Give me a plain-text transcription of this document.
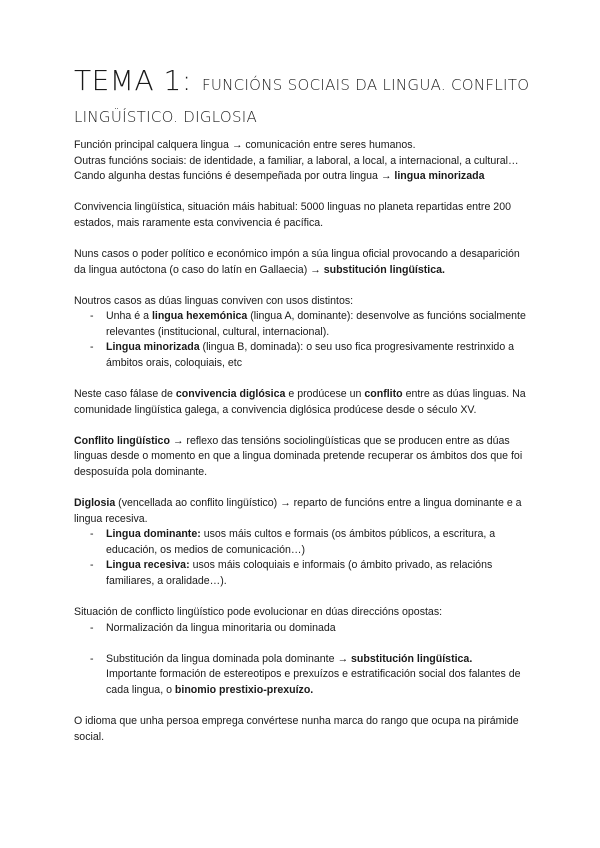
TEMA 1: FUNCIÓNS SOCIAIS DA LINGUA. CONFLITO LINGÜÍSTICO. DIGLOSIA

Función principal calquera lingua → comunicación entre seres humanos.
Outras funcións sociais: de identidade, a familiar, a laboral, a local, a internacional, a cultural… Cando algunha destas funcións é desempeñada por outra lingua → lingua minorizada

Convivencia lingüística, situación máis habitual: 5000 linguas no planeta repartidas entre 200 estados, mais raramente esta convivencia é pacífica.

Nuns casos o poder político e económico impón a súa lingua oficial provocando a desaparición da lingua autóctona (o caso do latín en Gallaecia) → substitución lingüística.

Noutros casos as dúas linguas conviven con usos distintos:
- Unha é a lingua hexemónica (lingua A, dominante): desenvolve as funcións socialmente relevantes (institucional, cultural, internacional).
- Lingua minorizada (lingua B, dominada): o seu uso fica progresivamente restrinxido a ámbitos orais, coloquiais, etc

Neste caso fálase de convivencia diglósica e prodúcese un conflito entre as dúas linguas. Na comunidade lingüística galega, a convivencia diglósica prodúcese desde o século XV.

Conflito lingüístico → reflexo das tensións sociolingüísticas que se producen entre as dúas linguas desde o momento en que a lingua dominada pretende recuperar os ámbitos dos que foi desposuída pola dominante.

Diglosia (vencellada ao conflito lingüístico) → reparto de funcións entre a lingua dominante e a lingua recesiva.
- Lingua dominante: usos máis cultos e formais (os ámbitos públicos, a escritura, a educación, os medios de comunicación…)
- Lingua recesiva: usos máis coloquiais e informais (o ámbito privado, as relacións familiares, a oralidade…).
Situación de conflicto lingüístico pode evolucionar en dúas direccións opostas:
- Normalización da lingua minoritaria ou dominada
- Substitución da lingua dominada pola dominante → substitución lingüística.
Importante formación de estereotipos e prexuízos e estratificación social dos falantes de cada lingua, o binomio prestixio-prexuízo.

O idioma que unha persoa emprega convértese nunha marca do rango que ocupa na pirámide social.
